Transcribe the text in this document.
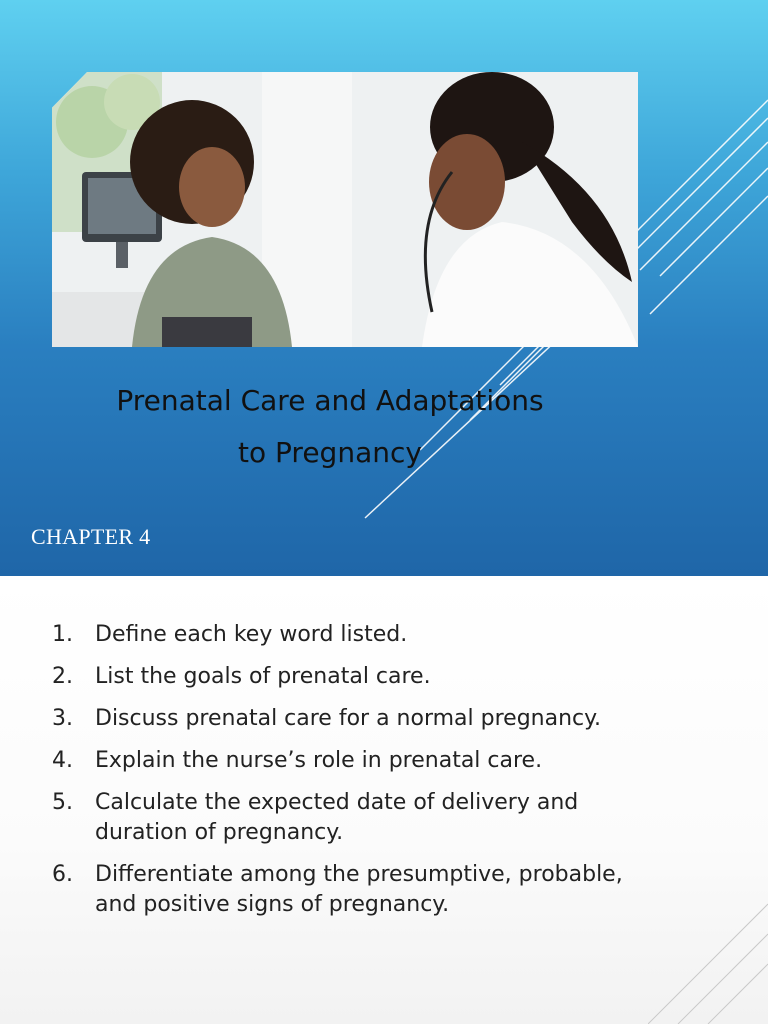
Prenatal Care and Adaptations
to Pregnancy
CHAPTER 4
1. Define each key word listed.
2. List the goals of prenatal care.
3. Discuss prenatal care for a normal pregnancy.
4. Explain the nurse’s role in prenatal care.
5. Calculate the expected date of delivery and duration of pregnancy.
6. Differentiate among the presumptive, probable, and positive signs of pregnancy.
